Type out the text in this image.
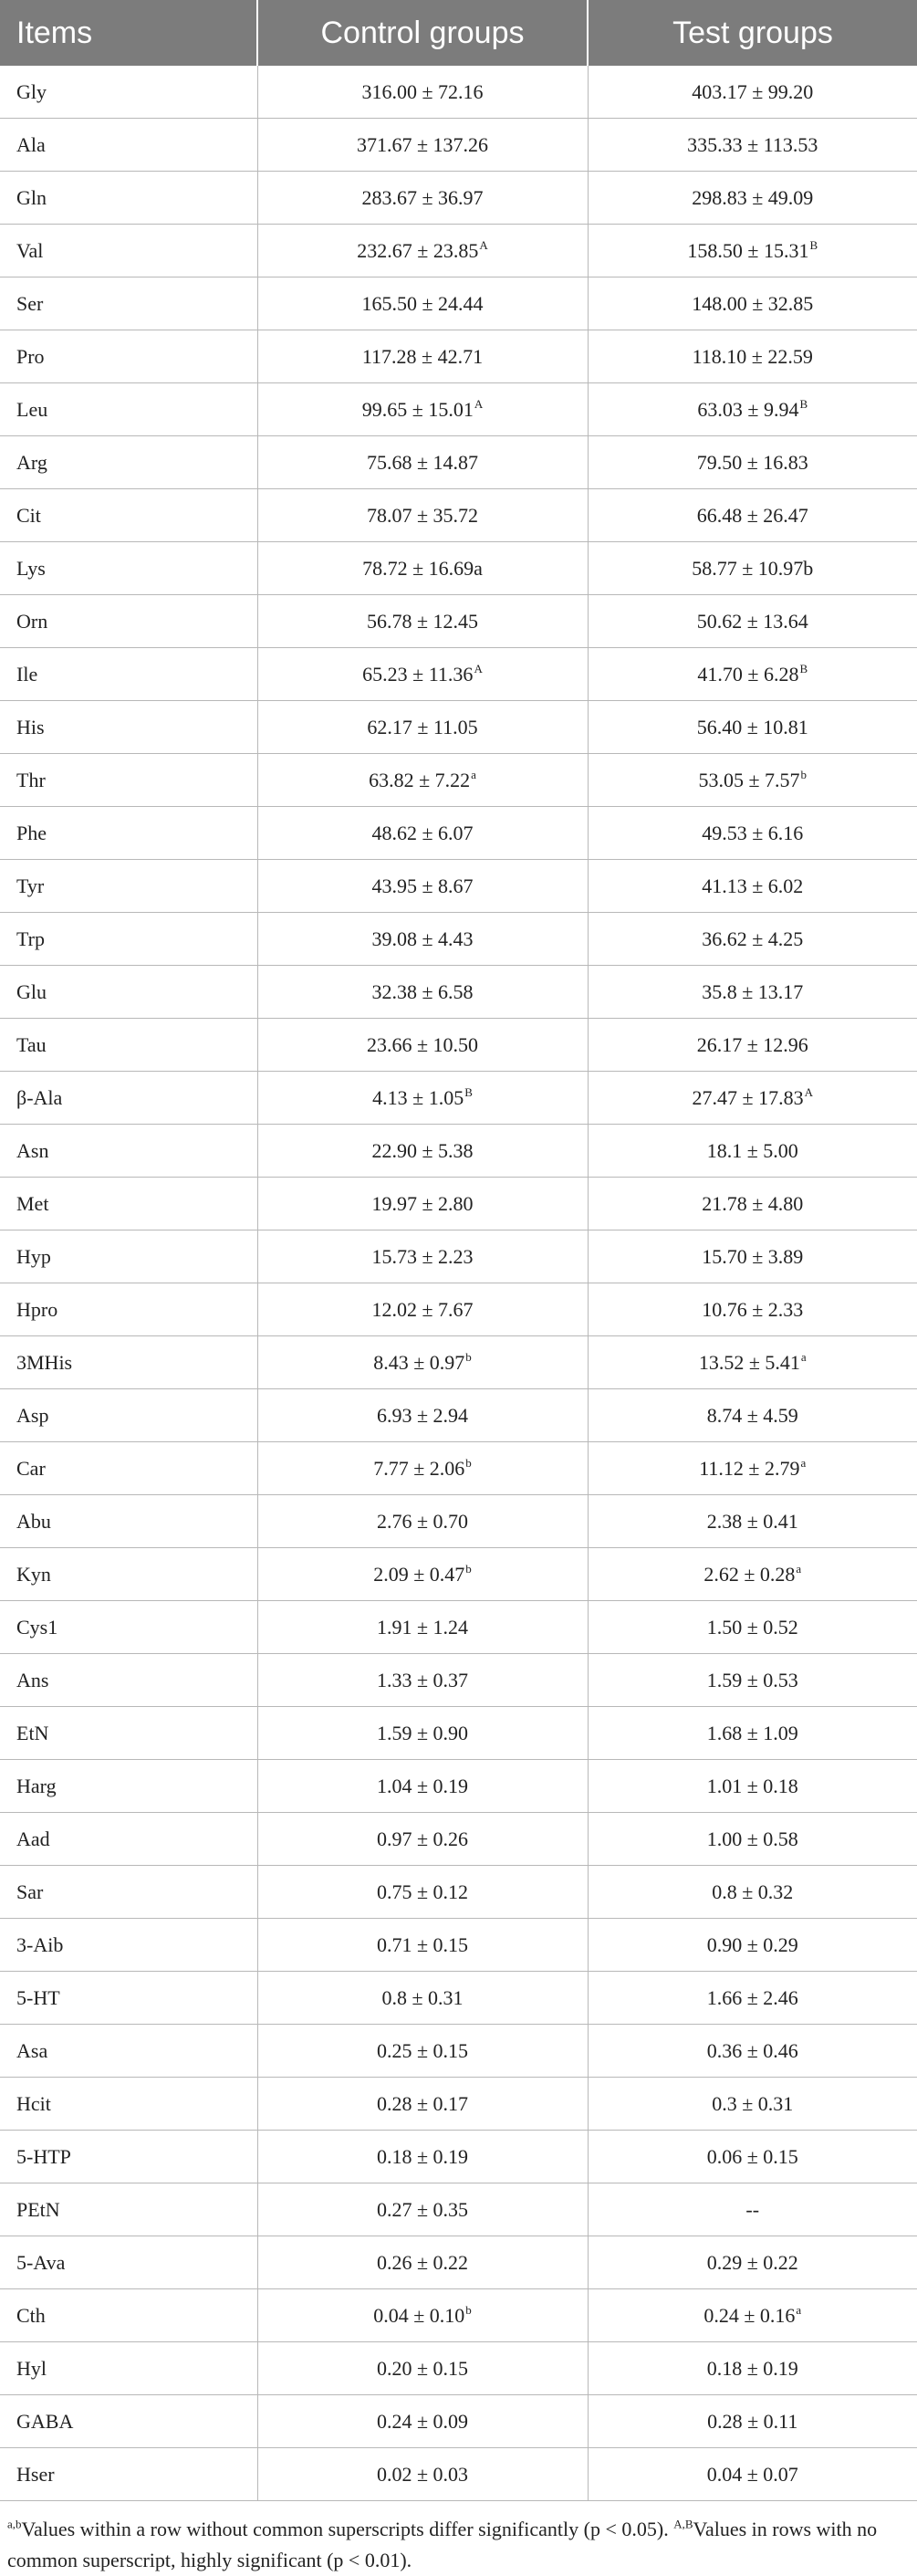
Items	Control groups	Test groups
Gly	316.00 ± 72.16	403.17 ± 99.20
Ala	371.67 ± 137.26	335.33 ± 113.53
Gln	283.67 ± 36.97	298.83 ± 49.09
Val	$232.67 \pm 23.85^A$	$158.50 \pm 15.31^B$
Ser	165.50 ± 24.44	148.00 ± 32.85
Pro	117.28 ± 42.71	118.10 ± 22.59
Leu	$99.65 \pm 15.01^A$	$63.03 \pm 9.94^B$
Arg	75.68 ± 14.87	79.50 ± 16.83
Cit	78.07 ± 35.72	66.48 ± 26.47
Lys	78.72 ± 16.69a	58.77 ± 10.97b
Orn	56.78 ± 12.45	50.62 ± 13.64
Ile	$65.23 \pm 11.36^A$	$41.70 \pm 6.28^B$
His	62.17 ± 11.05	56.40 ± 10.81
Thr	63.82 ± 7.22$^a$	53.05 ± 7.57$^b$
Phe	48.62 ± 6.07	49.53 ± 6.16
Tyr	43.95 ± 8.67	41.13 ± 6.02
Trp	39.08 ± 4.43	36.62 ± 4.25
Glu	32.38 ± 6.58	35.8 ± 13.17
Tau	23.66 ± 10.50	26.17 ± 12.96
β-Ala	$4.13 \pm 1.05^B$	$27.47 \pm 17.83^A$
Asn	22.90 ± 5.38	18.1 ± 5.00
Met	19.97 ± 2.80	21.78 ± 4.80
Hyp	15.73 ± 2.23	15.70 ± 3.89
Hpro	12.02 ± 7.67	10.76 ± 2.33
3MHis	8.43 ± 0.97$^b$	13.52 ± 5.41$^a$
Asp	6.93 ± 2.94	8.74 ± 4.59
Car	7.77 ± 2.06$^b$	11.12 ± 2.79$^a$
Abu	2.76 ± 0.70	2.38 ± 0.41
Kyn	2.09 ± 0.47$^b$	2.62 ± 0.28$^a$
Cys1	1.91 ± 1.24	1.50 ± 0.52
Ans	1.33 ± 0.37	1.59 ± 0.53
EtN	1.59 ± 0.90	1.68 ± 1.09
Harg	1.04 ± 0.19	1.01 ± 0.18
Aad	0.97 ± 0.26	1.00 ± 0.58
Sar	0.75 ± 0.12	0.8 ± 0.32
3-Aib	0.71 ± 0.15	0.90 ± 0.29
5-HT	0.8 ± 0.31	1.66 ± 2.46
Asa	0.25 ± 0.15	0.36 ± 0.46
Hcit	0.28 ± 0.17	0.3 ± 0.31
5-HTP	0.18 ± 0.19	0.06 ± 0.15
PEtN	0.27 ± 0.35	--
5-Ava	0.26 ± 0.22	0.29 ± 0.22
Cth	0.04 ± 0.10$^b$	0.24 ± 0.16$^a$
Hyl	0.20 ± 0.15	0.18 ± 0.19
GABA	0.24 ± 0.09	0.28 ± 0.11
Hser	0.02 ± 0.03	0.04 ± 0.07
$^{a,b}$Values within a row without common superscripts differ significantly (p < 0.05). $^{A,B}$Values in rows with no common superscript, highly significant (p < 0.01).
